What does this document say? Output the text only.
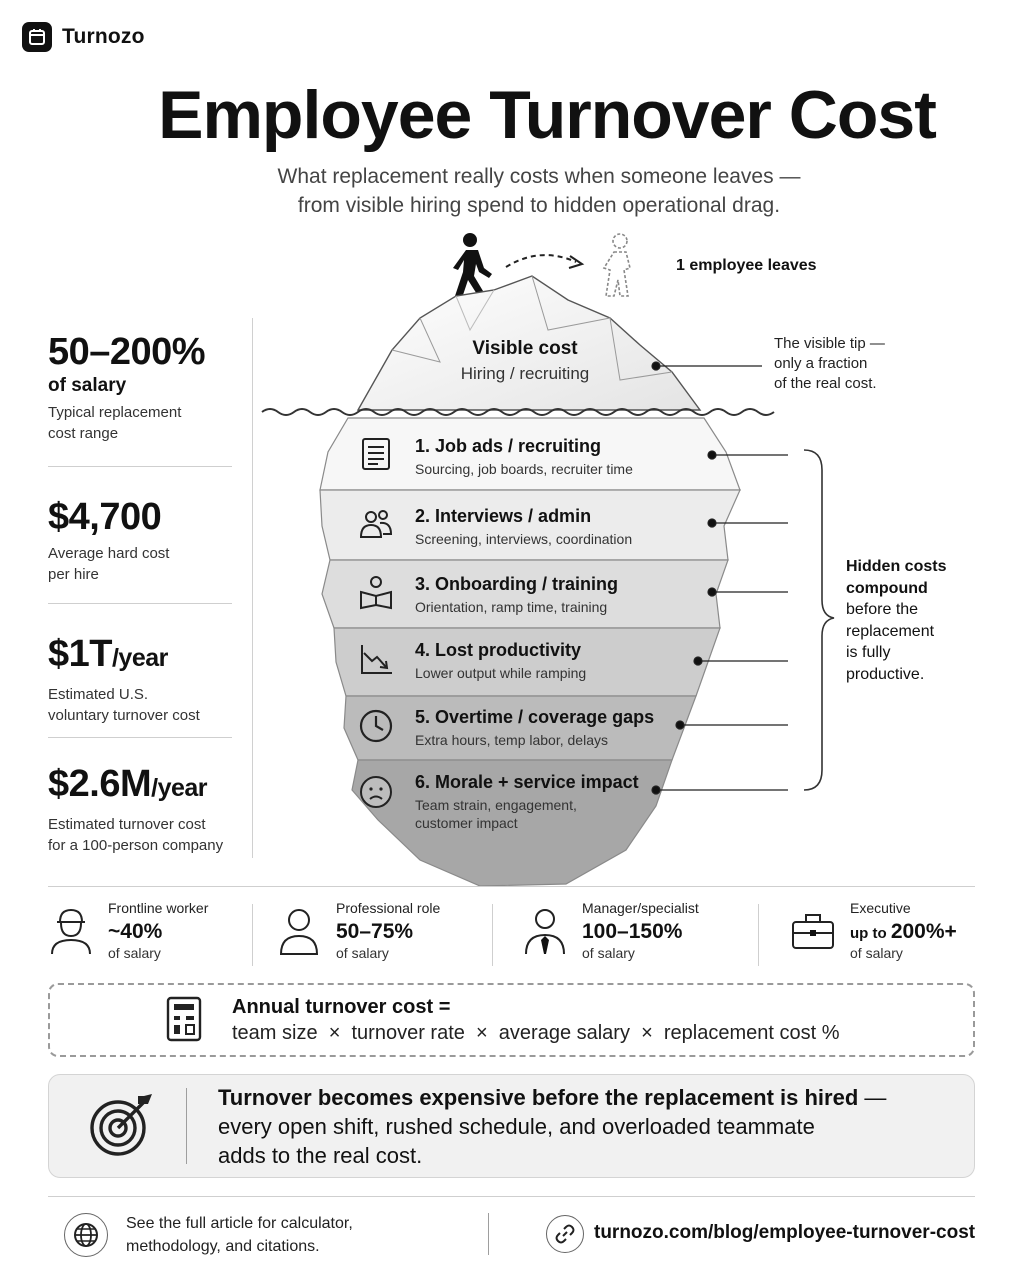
Turnozo
Employee Turnover Cost
What replacement really costs when someone leaves —
from visible hiring spend to hidden operational drag.
Visible cost
Hiring / recruiting
1 employee leaves
The visible tip —
only a fraction
of the real cost.
Hidden costs
compound
before the
replacement
is fully
productive.
1. Job ads / recruiting
Sourcing, job boards, recruiter time
2. Interviews / admin
Screening, interviews, coordination
3. Onboarding / training
Orientation, ramp time, training
4. Lost productivity
Lower output while ramping
5. Overtime / coverage gaps
Extra hours, temp labor, delays
6. Morale + service impact
Team strain, engagement,
customer impact
50–200%
of salary
Typical replacement
cost range
$4,700
Average hard cost
per hire
$1T/year
Estimated U.S.
voluntary turnover cost
$2.6M/year
Estimated turnover cost
for a 100-person company
Frontline worker
~40%
of salary
Professional role
50–75%
of salary
Manager/specialist
100–150%
of salary
Executive
up to 200%+
of salary
Annual turnover cost =
team size  ×  turnover rate  ×  average salary  ×  replacement cost %
Turnover becomes expensive before the replacement is hired —
every open shift, rushed schedule, and overloaded teammate
adds to the real cost.
See the full article for calculator,
methodology, and citations.
turnozo.com/blog/employee-turnover-cost
